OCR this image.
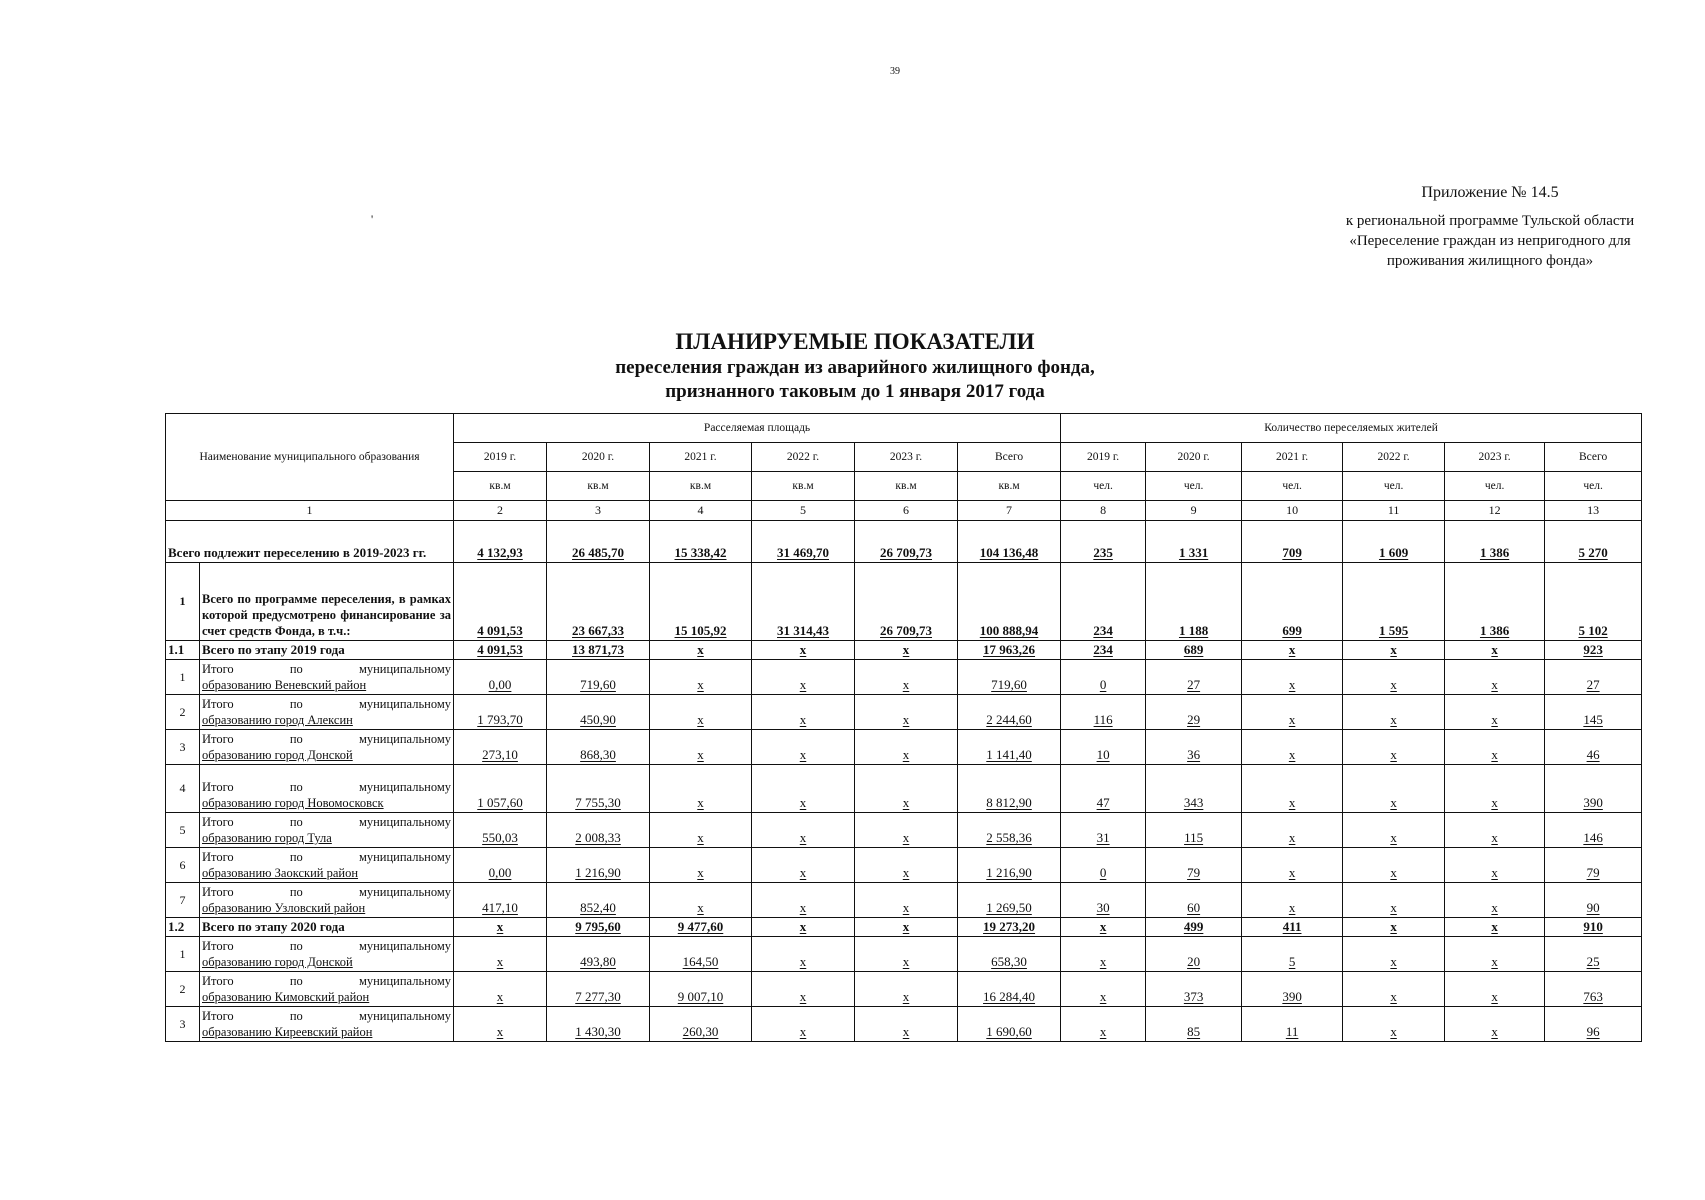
39
'
Приложение № 14.5
к региональной программе Тульской области «Переселение граждан из непригодного для проживания жилищного фонда»
ПЛАНИРУЕМЫЕ ПОКАЗАТЕЛИ
переселения граждан из аварийного жилищного фонда,
признанного таковым до 1 января 2017 года
Наименование муниципального образования		Расселяемая площадь						Количество переселяемых жителей					
		2019 г.	2020 г.	2021 г.	2022 г.	2023 г.	Всего	2019 г.	2020 г.	2021 г.	2022 г.	2023 г.	Всего
		кв.м	кв.м	кв.м	кв.м	кв.м	кв.м	чел.	чел.	чел.	чел.	чел.	чел.
1		2	3	4	5	6	7	8	9	10	11	12	13
Всего подлежит переселению в 2019-2023 гг.		4 132,93	26 485,70	15 338,42	31 469,70	26 709,73	104 136,48	235	1 331	709	1 609	1 386	5 270
1	Всего по программе переселения, в рамках которой предусмотрено финансирование за счет средств Фонда, в т.ч.:	4 091,53	23 667,33	15 105,92	31 314,43	26 709,73	100 888,94	234	1 188	699	1 595	1 386	5 102
1.1	Всего по этапу 2019 года	4 091,53	13 871,73	х	х	х	17 963,26	234	689	х	х	х	923
1	Итого по муниципальному
образованию Веневский район	0,00	719,60	х	х	х	719,60	0	27	х	х	х	27
2	Итого по муниципальному
образованию город Алексин	1 793,70	450,90	х	х	х	2 244,60	116	29	х	х	х	145
3	Итого по муниципальному
образованию город Донской	273,10	868,30	х	х	х	1 141,40	10	36	х	х	х	46
4	Итого по муниципальному
образованию город Новомосковск	1 057,60	7 755,30	х	х	х	8 812,90	47	343	х	х	х	390
5	Итого по муниципальному
образованию город Тула	550,03	2 008,33	х	х	х	2 558,36	31	115	х	х	х	146
6	Итого по муниципальному
образованию Заокский район	0,00	1 216,90	х	х	х	1 216,90	0	79	х	х	х	79
7	Итого по муниципальному
образованию Узловский район	417,10	852,40	х	х	х	1 269,50	30	60	х	х	х	90
1.2	Всего по этапу 2020 года	х	9 795,60	9 477,60	х	х	19 273,20	х	499	411	х	х	910
1	Итого по муниципальному
образованию город Донской	х	493,80	164,50	х	х	658,30	х	20	5	х	х	25
2	Итого по муниципальному
образованию Кимовский район	х	7 277,30	9 007,10	х	х	16 284,40	х	373	390	х	х	763
3	Итого по муниципальному
образованию Киреевский район	х	1 430,30	260,30	х	х	1 690,60	х	85	11	х	х	96
